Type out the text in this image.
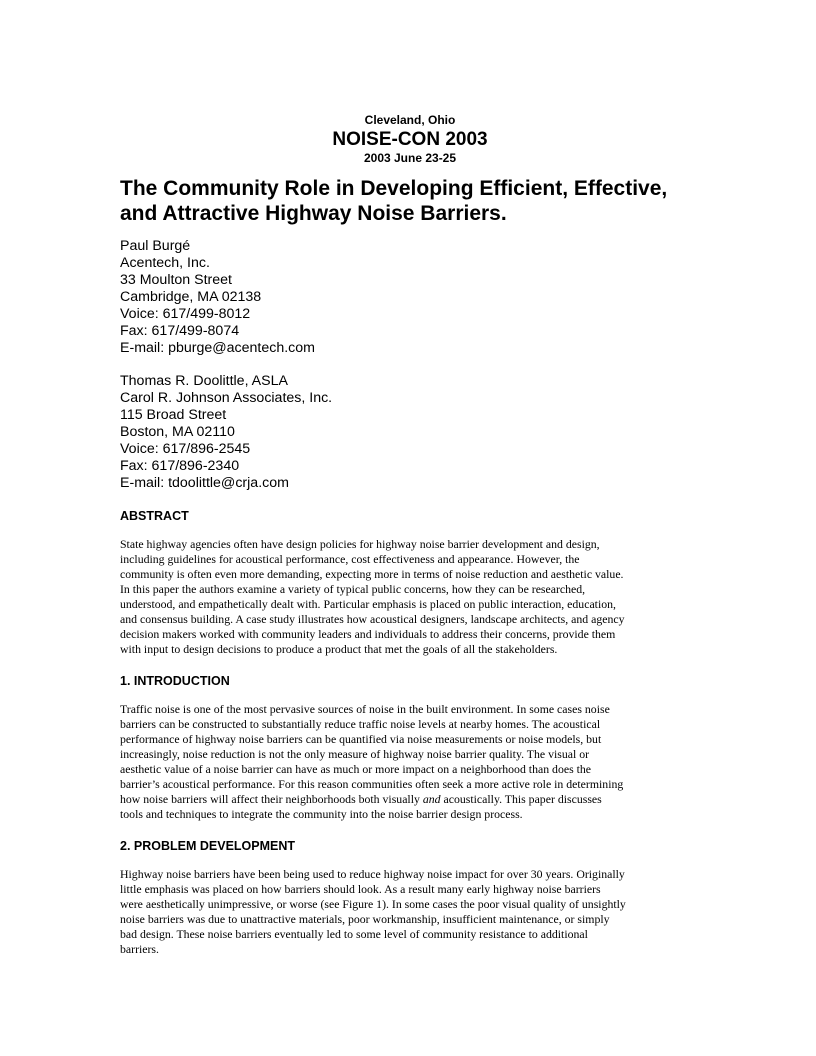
Cleveland, Ohio
NOISE-CON 2003
2003 June 23-25
The Community Role in Developing Efficient, Effective,
and Attractive Highway Noise Barriers.
Paul Burgé
Acentech, Inc.
33 Moulton Street
Cambridge, MA 02138
Voice: 617/499-8012
Fax: 617/499-8074
E-mail: pburge@acentech.com
Thomas R. Doolittle, ASLA
Carol R. Johnson Associates, Inc.
115 Broad Street
Boston, MA 02110
Voice: 617/896-2545
Fax: 617/896-2340
E-mail: tdoolittle@crja.com
ABSTRACT
State highway agencies often have design policies for highway noise barrier development and design,
including guidelines for acoustical performance, cost effectiveness and appearance. However, the
community is often even more demanding, expecting more in terms of noise reduction and aesthetic value.
In this paper the authors examine a variety of typical public concerns, how they can be researched,
understood, and empathetically dealt with. Particular emphasis is placed on public interaction, education,
and consensus building. A case study illustrates how acoustical designers, landscape architects, and agency
decision makers worked with community leaders and individuals to address their concerns, provide them
with input to design decisions to produce a product that met the goals of all the stakeholders.
1. INTRODUCTION
Traffic noise is one of the most pervasive sources of noise in the built environment. In some cases noise
barriers can be constructed to substantially reduce traffic noise levels at nearby homes. The acoustical
performance of highway noise barriers can be quantified via noise measurements or noise models, but
increasingly, noise reduction is not the only measure of highway noise barrier quality. The visual or
aesthetic value of a noise barrier can have as much or more impact on a neighborhood than does the
barrier’s acoustical performance. For this reason communities often seek a more active role in determining
how noise barriers will affect their neighborhoods both visually and acoustically. This paper discusses
tools and techniques to integrate the community into the noise barrier design process.
2. PROBLEM DEVELOPMENT
Highway noise barriers have been being used to reduce highway noise impact for over 30 years. Originally
little emphasis was placed on how barriers should look. As a result many early highway noise barriers
were aesthetically unimpressive, or worse (see Figure 1). In some cases the poor visual quality of unsightly
noise barriers was due to unattractive materials, poor workmanship, insufficient maintenance, or simply
bad design. These noise barriers eventually led to some level of community resistance to additional
barriers.
